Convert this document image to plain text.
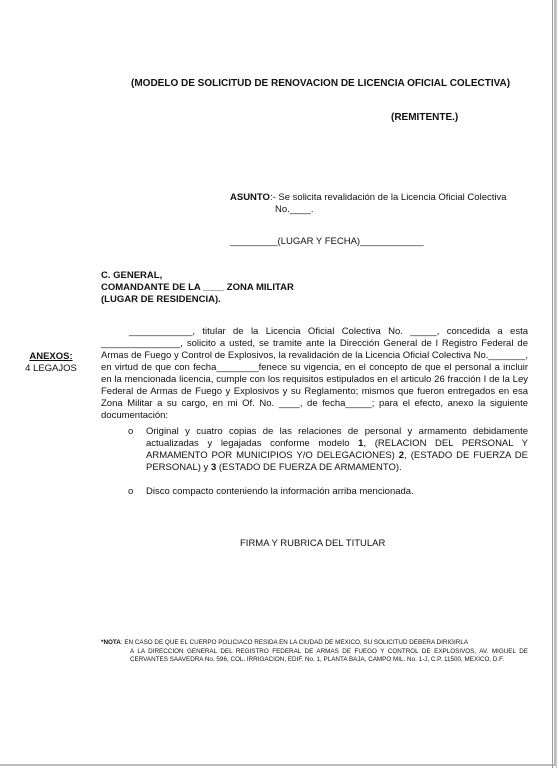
(MODELO DE SOLICITUD DE RENOVACION DE LICENCIA OFICIAL COLECTIVA)
(REMITENTE.)
ASUNTO:- Se solicita revalidación de la Licencia Oficial Colectiva
No.____.
_________(LUGAR Y FECHA)____________
C. GENERAL,
COMANDANTE DE LA ____ ZONA MILITAR
(LUGAR DE RESIDENCIA).
ANEXOS:
4 LEGAJOS

____________, titular de la Licencia Oficial Colectiva No. _____, concedida a esta _______________, solicito a usted, se tramite ante la Dirección General de l Registro Federal de Armas de Fuego y Control de Explosivos, la revalidación de la Licencia Oficial Colectiva No._______, en virtud de que con fecha________fenece su vigencia, en el concepto de que el personal a incluir en la mencionada licencia, cumple con los requisitos estipulados en el articulo 26 fracción I de la Ley Federal de Armas de Fuego y Explosivos y su Reglamento; mismos que fueron entregados en esa Zona Militar a su cargo, en mi Of. No. ____, de fecha_____; para el efecto, anexo la siguiente documentación:

o Original y cuatro copias de las relaciones de personal y armamento debidamente actualizadas y legajadas conforme modelo 1, (RELACION DEL PERSONAL Y ARMAMENTO POR MUNICIPIOS Y/O DELEGACIONES) 2, (ESTADO DE FUERZA DE PERSONAL) y 3 (ESTADO DE FUERZA DE ARMAMENTO).
o Disco compacto conteniendo la información arriba mencionada.
FIRMA Y RUBRICA DEL TITULAR
*NOTA: EN CASO DE QUE EL CUERPO POLICIACO RESIDA EN LA CIUDAD DE MEXICO, SU SOLICITUD DEBERA DIRIGIRLA
A LA DIRECCION GENERAL DEL REGISTRO FEDERAL DE ARMAS DE FUEGO Y CONTROL DE EXPLOSIVOS, AV. MIGUEL DE CERVANTES SAAVEDRA No. 596, COL. IRRIGACION, EDIF. No. 1, PLANTA BAJA, CAMPO MIL. No. 1-J, C.P. 11500, MEXICO, D.F.
